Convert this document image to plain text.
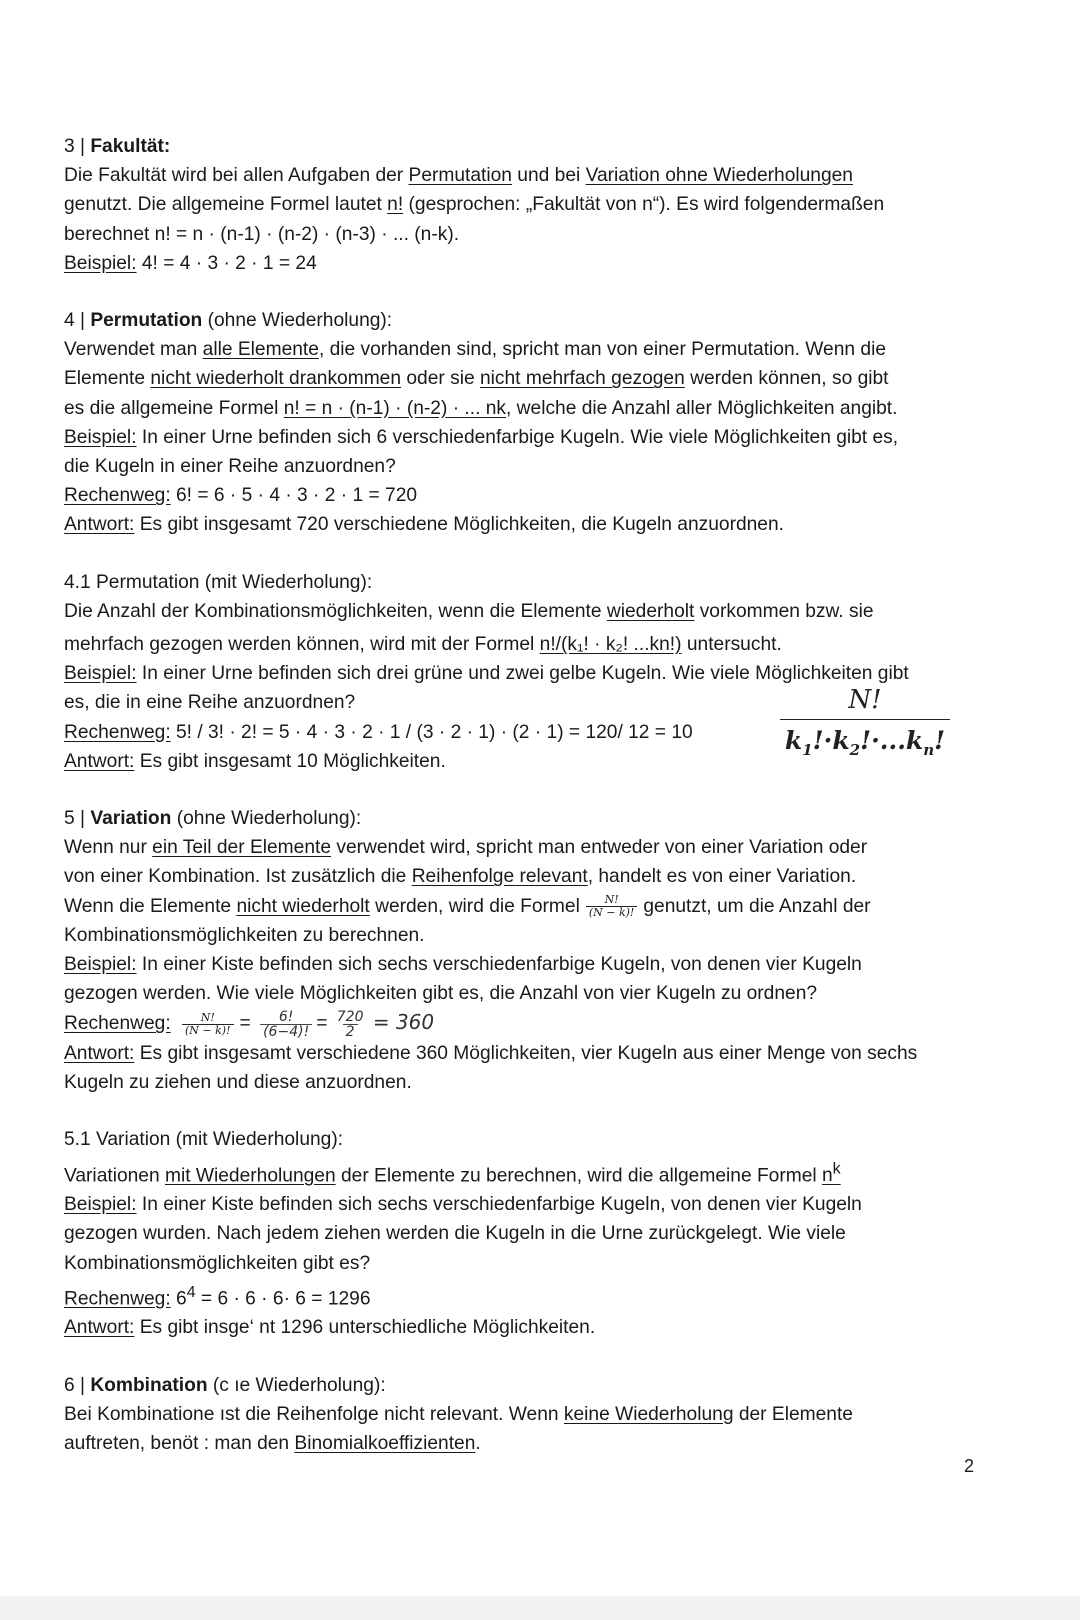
3 | Fakultät:
Die Fakultät wird bei allen Aufgaben der Permutation und bei Variation ohne Wiederholungen
genutzt. Die allgemeine Formel lautet n! (gesprochen: „Fakultät von n“). Es wird folgendermaßen
berechnet n! = n · (n-1) · (n-2) · (n-3) · ... (n-k).
Beispiel: 4! = 4 · 3 · 2 · 1 = 24
4 | Permutation (ohne Wiederholung):
Verwendet man alle Elemente, die vorhanden sind, spricht man von einer Permutation. Wenn die
Elemente nicht wiederholt drankommen oder sie nicht mehrfach gezogen werden können, so gibt
es die allgemeine Formel n! = n · (n-1) · (n-2) · ... nk, welche die Anzahl aller Möglichkeiten angibt.
Beispiel: In einer Urne befinden sich 6 verschiedenfarbige Kugeln. Wie viele Möglichkeiten gibt es,
die Kugeln in einer Reihe anzuordnen?
Rechenweg: 6! = 6 · 5 · 4 · 3 · 2 · 1 = 720
Antwort: Es gibt insgesamt 720 verschiedene Möglichkeiten, die Kugeln anzuordnen.
4.1 Permutation (mit Wiederholung):
Die Anzahl der Kombinationsmöglichkeiten, wenn die Elemente wiederholt vorkommen bzw. sie
mehrfach gezogen werden können, wird mit der Formel n!/(k₁! · k₂! ...kn!) untersucht.
Beispiel: In einer Urne befinden sich drei grüne und zwei gelbe Kugeln. Wie viele Möglichkeiten gibt
es, die in eine Reihe anzuordnen?
Rechenweg: 5! / 3! · 2! = 5 · 4 · 3 · 2 · 1 / (3 · 2 · 1) · (2 · 1) = 120/ 12 = 10
Antwort: Es gibt insgesamt 10 Möglichkeiten.
5 | Variation (ohne Wiederholung):
Wenn nur ein Teil der Elemente verwendet wird, spricht man entweder von einer Variation oder
von einer Kombination. Ist zusätzlich die Reihenfolge relevant, handelt es von einer Variation.
Wenn die Elemente nicht wiederholt werden, wird die Formel $\frac{N!}{(N - k)!}$ genutzt, um die Anzahl der
Kombinationsmöglichkeiten zu berechnen.
Beispiel: In einer Kiste befinden sich sechs verschiedenfarbige Kugeln, von denen vier Kugeln
gezogen werden. Wie viele Möglichkeiten gibt es, die Anzahl von vier Kugeln zu ordnen?
Rechenweg: $\frac{N!}{(N - k)!} = \frac{6!}{(6-4)!} = \frac{720}{2} = 360$
Antwort: Es gibt insgesamt verschiedene 360 Möglichkeiten, vier Kugeln aus einer Menge von sechs
Kugeln zu ziehen und diese anzuordnen.
5.1 Variation (mit Wiederholung):
Variationen mit Wiederholungen der Elemente zu berechnen, wird die allgemeine Formel $n^k$
Beispiel: In einer Kiste befinden sich sechs verschiedenfarbige Kugeln, von denen vier Kugeln
gezogen wurden. Nach jedem ziehen werden die Kugeln in die Urne zurückgelegt. Wie viele
Kombinationsmöglichkeiten gibt es?
Rechenweg: $6^4 = 6 \cdot 6 \cdot 6\cdot 6 = 1296$
Antwort: Es gibt insge‘ nt 1296 unterschiedliche Möglichkeiten.
6 | Kombination (c ıe Wiederholung):
Bei Kombinatione ıst die Reihenfolge nicht relevant. Wenn keine Wiederholung der Elemente
auftreten, benöt : man den Binomialkoeffizienten.
N!
$k_1!\cdot k_2!\cdot...k_n$!
2
